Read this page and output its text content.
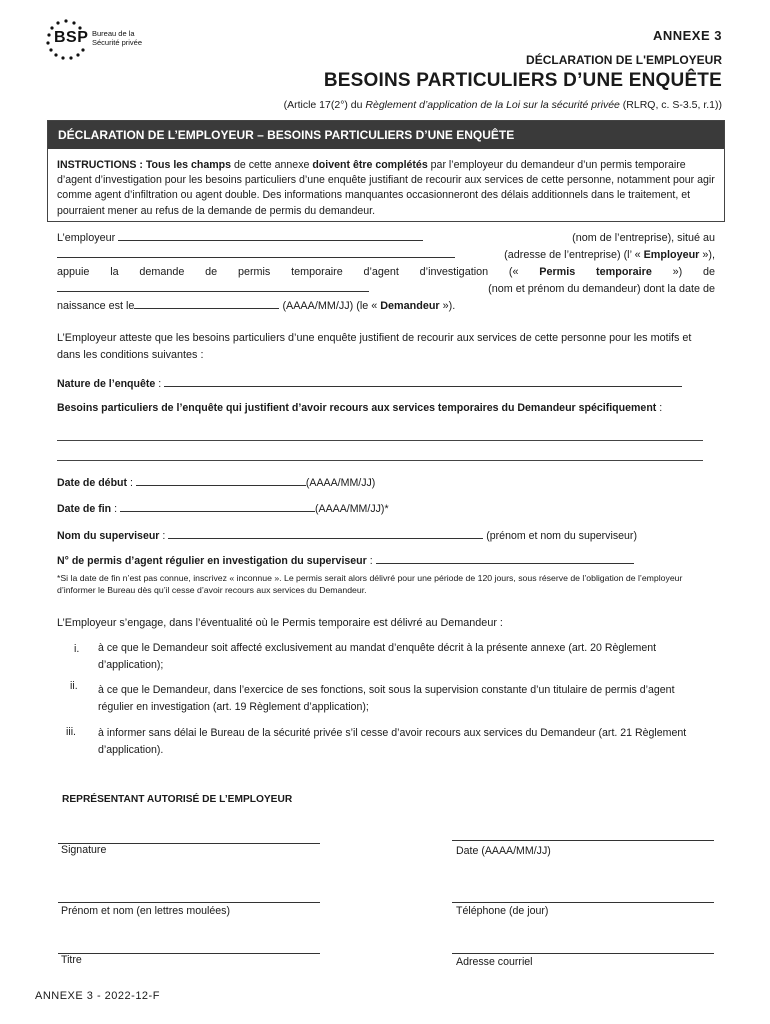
BSP Bureau de la
Sécurité privée	ANNEXE 3
DÉCLARATION DE L'EMPLOYEUR
BESOINS PARTICULIERS D’UNE ENQUÊTE
(Article 17(2°) du Règlement d’application de la Loi sur la sécurité privée (RLRQ, c. S-3.5, r.1))
DÉCLARATION DE L’EMPLOYEUR – BESOINS PARTICULIERS D’UNE ENQUÊTE
INSTRUCTIONS : Tous les champs de cette annexe doivent être complétés par l’employeur du demandeur d’un permis temporaire d’agent d’investigation pour les besoins particuliers d’une enquête justifiant de recourir aux services de cette personne, notamment pour agir comme agent d’infiltration ou agent double. Des informations manquantes occasionneront des délais additionnels dans le traitement, et pourraient mener au refus de la demande de permis du demandeur.
L’employeur	(nom de l’entreprise), situé au
(adresse de l’entreprise) (l’ « Employeur »),
appuie la demande de permis temporaire d’agent d’investigation (« Permis temporaire ») de
(nom et prénom du demandeur) dont la date de
naissance est le	(AAAA/MM/JJ) (le « Demandeur »).
L’Employeur atteste que les besoins particuliers d’une enquête justifient de recourir aux services de cette personne pour les motifs et dans les conditions suivantes :
Nature de l’enquête :
Besoins particuliers de l’enquête qui justifient d’avoir recours aux services temporaires du Demandeur spécifiquement :
Date de début :	(AAAA/MM/JJ)
Date de fin :	(AAAA/MM/JJ)*
Nom du superviseur :	(prénom et nom du superviseur)
N° de permis d’agent régulier en investigation du superviseur :
*Si la date de fin n’est pas connue, inscrivez « inconnue ». Le permis serait alors délivré pour une période de 120 jours, sous réserve de l’obligation de l’employeur d’informer le Bureau dès qu’il cesse d’avoir recours aux services du Demandeur.
L’Employeur s’engage, dans l’éventualité où le Permis temporaire est délivré au Demandeur :
i. à ce que le Demandeur soit affecté exclusivement au mandat d’enquête décrit à la présente annexe (art. 20 Règlement d’application);
ii. à ce que le Demandeur, dans l’exercice de ses fonctions, soit sous la supervision constante d’un titulaire de permis d’agent régulier en investigation (art. 19 Règlement d’application);
iii. à informer sans délai le Bureau de la sécurité privée s’il cesse d’avoir recours aux services du Demandeur (art. 21 Règlement d’application).
REPRÉSENTANT AUTORISÉ DE L’EMPLOYEUR
Signature	Date (AAAA/MM/JJ)
Prénom et nom (en lettres moulées)	Téléphone (de jour)
Titre	Adresse courriel
ANNEXE 3 - 2022-12-F
